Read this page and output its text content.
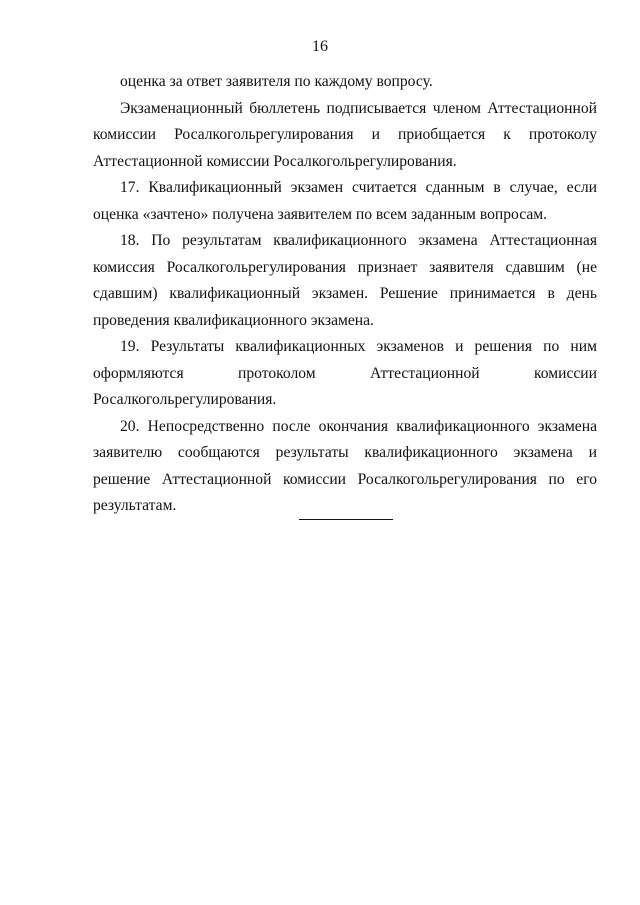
16

оценка за ответ заявителя по каждому вопросу.

Экзаменационный бюллетень подписывается членом Аттестационной комиссии Росалкогольрегулирования и приобщается к протоколу Аттестационной комиссии Росалкогольрегулирования.

17. Квалификационный экзамен считается сданным в случае, если оценка «зачтено» получена заявителем по всем заданным вопросам.

18. По результатам квалификационного экзамена Аттестационная комиссия Росалкогольрегулирования признает заявителя сдавшим (не сдавшим) квалификационный экзамен. Решение принимается в день проведения квалификационного экзамена.

19. Результаты квалификационных экзаменов и решения по ним оформляются протоколом Аттестационной комиссии Росалкогольрегулирования.

20. Непосредственно после окончания квалификационного экзамена заявителю сообщаются результаты квалификационного экзамена и решение Аттестационной комиссии Росалкогольрегулирования по его результатам.
